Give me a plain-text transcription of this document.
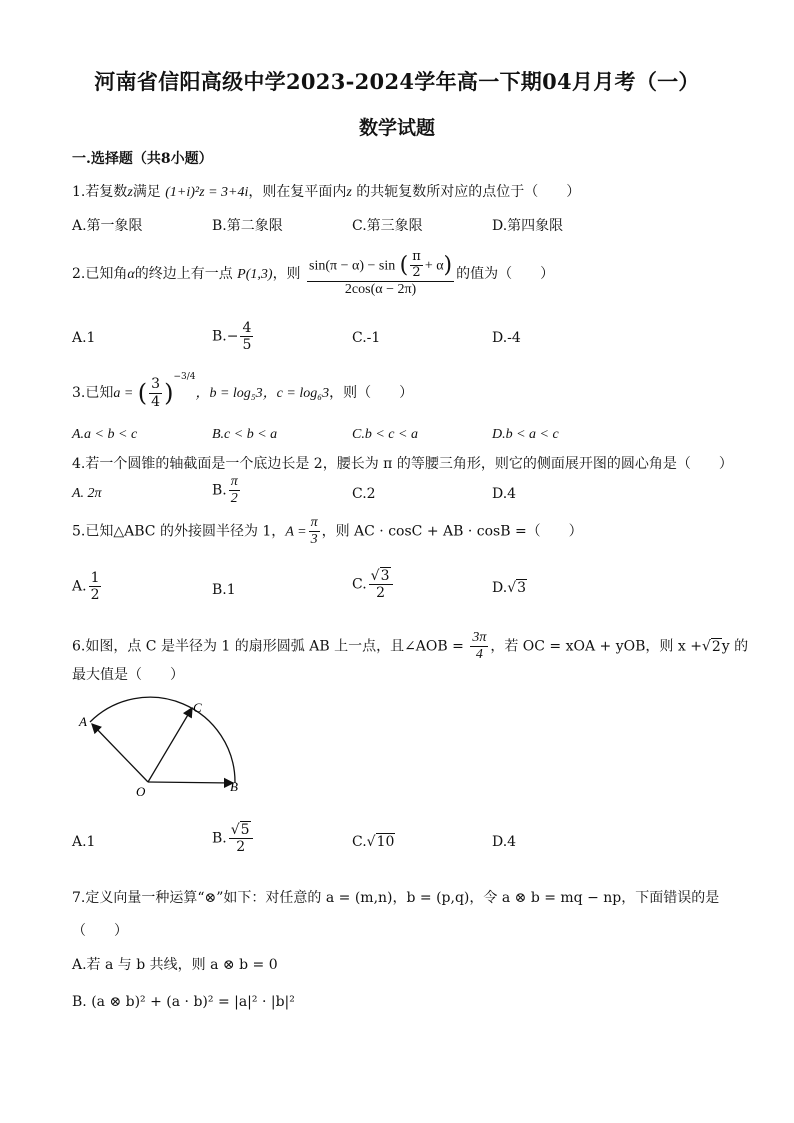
河南省信阳高级中学2023-2024学年高一下期04月月考（一）
数学试题
一.选择题（共8小题）
1.若复数z满足 (1+i)²z = 3+4i，则在复平面内z 的共轭复数所对应的点位于（　　）
A.第一象限	B.第二象限	C.第三象限	D.第四象限
2.已知角α的终边上有一点 P(1,3)，则 $\frac{\sin(\pi - \alpha) - \sin ( \frac{\pi}{2} + \alpha)}{2\cos(\alpha - 2\pi)}$ 的值为（　　）
A.1	$B.- \frac{4}{5}$	C.-1	D.-4
3.已知a = ( $\frac{3}{4} )^{-3/4}$，b = log₅3，c = log₆3，则（　　）
A.a < b < c	B.c < b < a	C.b < c < a	D.b < a < c
4.若一个圆锥的轴截面是一个底边长是 2，腰长为 π 的等腰三角形，则它的侧面展开图的圆心角是（　　）
A. 2π	B. $\frac{\pi}{2}$	C.2	D.4
5.已知△ABC 的外接圆半径为 1，$A = \frac{\pi}{3}$ ，则 AC · cosC + AB · cosB =（　　）
A. $\frac{1}{2}$	B.1	C. $\frac{√3}{2}$	D.√3
6.如图，点 C 是半径为 1 的扇形圆弧 AB 上一点，且∠AOB = $\frac{3\pi}{4}$ ，若 OC = xOA + yOB，则 x +√2y 的
最大值是（　　）
A
C
O	B
A.1	B. $\frac{√5}{2}$	C.√10	D.4
7.定义向量一种运算“⊗”如下：对任意的 a = (m,n)，b = (p,q)，令 a ⊗ b = mq − np，下面错误的是
（　　）
A.若 a 与 b 共线，则 a ⊗ b = 0
B. (a ⊗ b)² + (a · b)² = |a|² · |b|²
